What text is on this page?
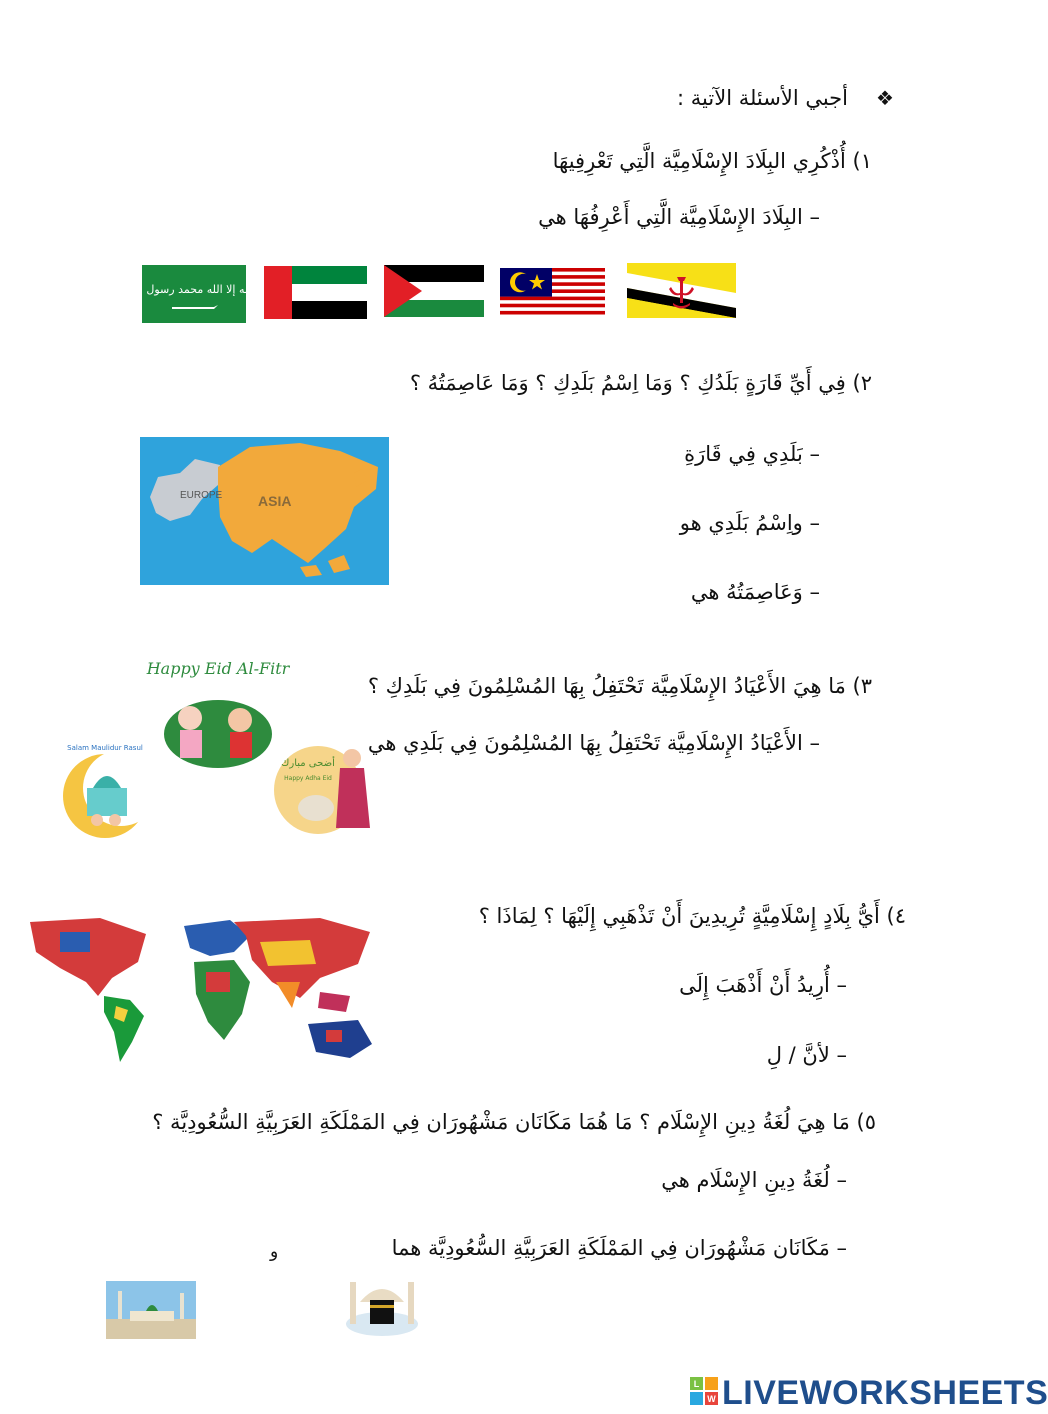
❖
أجبي الأسئلة الآتية :
١) أُذْكُرِي البِلَادَ الإِسْلَامِيَّة الَّتِي تَعْرِفِيهَا
– البِلَادَ الإِسْلَامِيَّة الَّتِي أَعْرِفُهَا هي
لا إله إلا الله محمد رسول الله
٢) فِي أَيِّ قَارَةٍ بَلَدُكِ ؟ وَمَا اِسْمُ بَلَدِكِ ؟ وَمَا عَاصِمَتُهُ ؟
– بَلَدِي فِي قَارَةِ
– واِسْمُ بَلَدِي هو
– وَعَاصِمَتُهُ هي
EUROPE	ASIA
٣) مَا هِيَ الأَعْيَادُ الإِسْلَامِيَّة تَحْتَفِلُ بِهَا المُسْلِمُونَ فِي بَلَدِكِ ؟
– الأَعْيَادُ الإِسْلَامِيَّة تَحْتَفِلُ بِهَا المُسْلِمُونَ فِي بَلَدِي هي
Happy Eid Al-Fitr
Salam Maulidur Rasul
أضحى مبارك
Happy Adha Eid
٤) أَيُّ بِلَادٍ إِسْلَامِيَّةٍ تُرِيدِينَ أَنْ تَذْهَبِي إِلَيْهَا ؟ لِمَاذَا ؟
– أُرِيدُ أَنْ أَذْهَبَ إِلَى
– لأنَّ / لِ
٥) مَا هِيَ لُغَةُ دِينِ الإِسْلَام ؟ مَا هُمَا مَكَانَان مَشْهُورَان فِي المَمْلَكَةِ العَرَبِيَّةِ السُّعُودِيَّة ؟
– لُغَةُ دِينِ الإِسْلَام هي
– مَكَانَان مَشْهُورَان فِي المَمْلَكَةِ العَرَبِيَّةِ السُّعُودِيَّة هما
و
L
W LIVEWORKSHEETS
